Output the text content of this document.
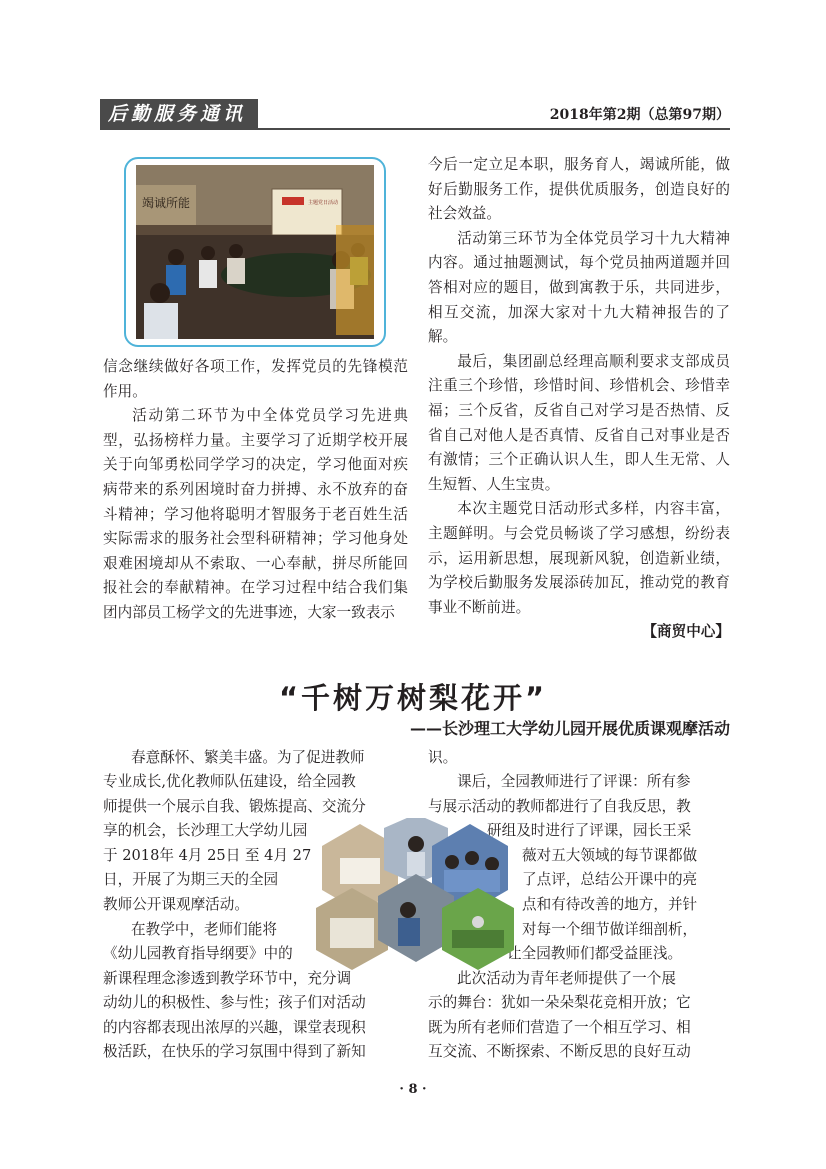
后勤服务通讯	2018年第2期（总第97期）
竭诚所能	主题党日活动

信念继续做好各项工作，发挥党员的先锋模范作用。

活动第二环节为中全体党员学习先进典型，弘扬榜样力量。主要学习了近期学校开展关于向邹勇松同学学习的决定，学习他面对疾病带来的系列困境时奋力拼搏、永不放弃的奋斗精神；学习他将聪明才智服务于老百姓生活实际需求的服务社会型科研精神；学习他身处艰难困境却从不索取、一心奉献，拼尽所能回报社会的奉献精神。在学习过程中结合我们集团内部员工杨学文的先进事迹，大家一致表示

今后一定立足本职，服务育人，竭诚所能，做好后勤服务工作，提供优质服务，创造良好的社会效益。

活动第三环节为全体党员学习十九大精神内容。通过抽题测试，每个党员抽两道题并回答相对应的题目，做到寓教于乐，共同进步，相互交流，加深大家对十九大精神报告的了解。

最后，集团副总经理高顺利要求支部成员注重三个珍惜，珍惜时间、珍惜机会、珍惜幸福；三个反省，反省自己对学习是否热情、反省自己对他人是否真情、反省自己对事业是否有激情；三个正确认识人生，即人生无常、人生短暂、人生宝贵。

本次主题党日活动形式多样，内容丰富，主题鲜明。与会党员畅谈了学习感想，纷纷表示，运用新思想，展现新风貌，创造新业绩，为学校后勤服务发展添砖加瓦，推动党的教育事业不断前进。

【商贸中心】

“千树万树梨花开”
——长沙理工大学幼儿园开展优质课观摩活动
春意酥怀、繁美丰盛。为了促进教师
专业成长,优化教师队伍建设，给全园教
师提供一个展示自我、锻炼提高、交流分
享的机会，长沙理工大学幼儿园
于 2018年 4月 25日 至 4月 27
日，开展了为期三天的全园
教师公开课观摩活动。
在教学中，老师们能将
《幼儿园教育指导纲要》中的
新课程理念渗透到教学环节中，充分调
动幼儿的积极性、参与性；孩子们对活动
的内容都表现出浓厚的兴趣，课堂表现积
极活跃，在快乐的学习氛围中得到了新知
识。
课后，全园教师进行了评课：所有参
与展示活动的教师都进行了自我反思，教
研组及时进行了评课，园长王采
薇对五大领域的每节课都做
了点评，总结公开课中的亮
点和有待改善的地方，并针
对每一个细节做详细剖析，
让全园教师们都受益匪浅。
此次活动为青年老师提供了一个展
示的舞台：犹如一朵朵梨花竞相开放；它
既为所有老师们营造了一个相互学习、相
互交流、不断探索、不断反思的良好互动
· 8 ·
